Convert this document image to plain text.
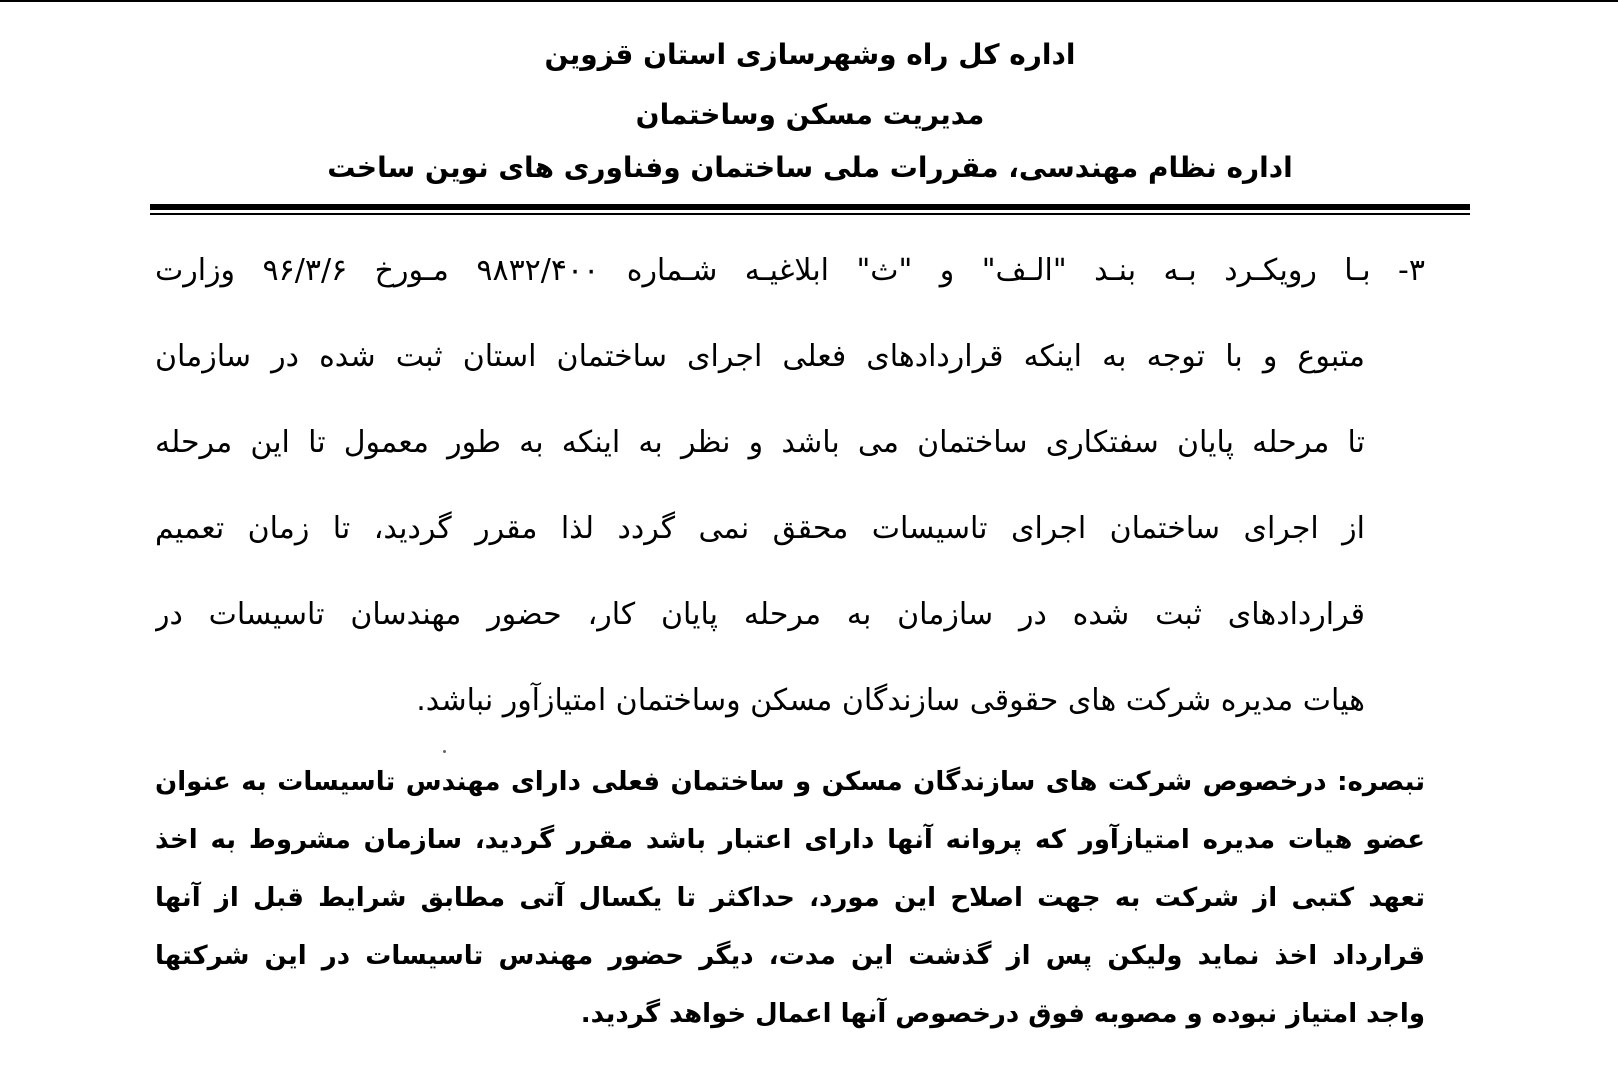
اداره کل راه وشهرسازی استان قزوین
مدیریت مسکن وساختمان
اداره نظام مهندسی، مقررات ملی ساختمان وفناوری های نوین ساخت
۳- بـا رویکـرد بـه بنـد "الـف" و "ث" ابلاغیـه شـماره ۹۸۳۲/۴۰۰ مـورخ ۹۶/۳/۶ وزارت
متبوع و با توجه به اینکه قراردادهای فعلی اجرای ساختمان استان ثبت شده در سازمان
تا مرحله پایان سفتکاری ساختمان می باشد و نظر به اینکه به طور معمول تا این مرحله
از اجرای ساختمان اجرای تاسیسات محقق نمی گردد لذا مقرر گردید، تا زمان تعمیم
قراردادهای ثبت شده در سازمان به مرحله پایان کار، حضور مهندسان تاسیسات در
هیات مدیره شرکت های حقوقی سازندگان مسکن وساختمان امتیازآور نباشد.
تبصره: درخصوص شرکت های سازندگان مسکن و ساختمان فعلی دارای مهندس تاسیسات به عنوان
عضو هیات مدیره امتیازآور که پروانه آنها دارای اعتبار باشد مقرر گردید، سازمان مشروط به اخذ
تعهد کتبی از شرکت به جهت اصلاح این مورد، حداکثر تا یکسال آتی مطابق شرایط قبل از آنها
قرارداد اخذ نماید ولیکن پس از گذشت این مدت، دیگر حضور مهندس تاسیسات در این شرکتها
واجد امتیاز نبوده و مصوبه فوق درخصوص آنها اعمال خواهد گردید.
